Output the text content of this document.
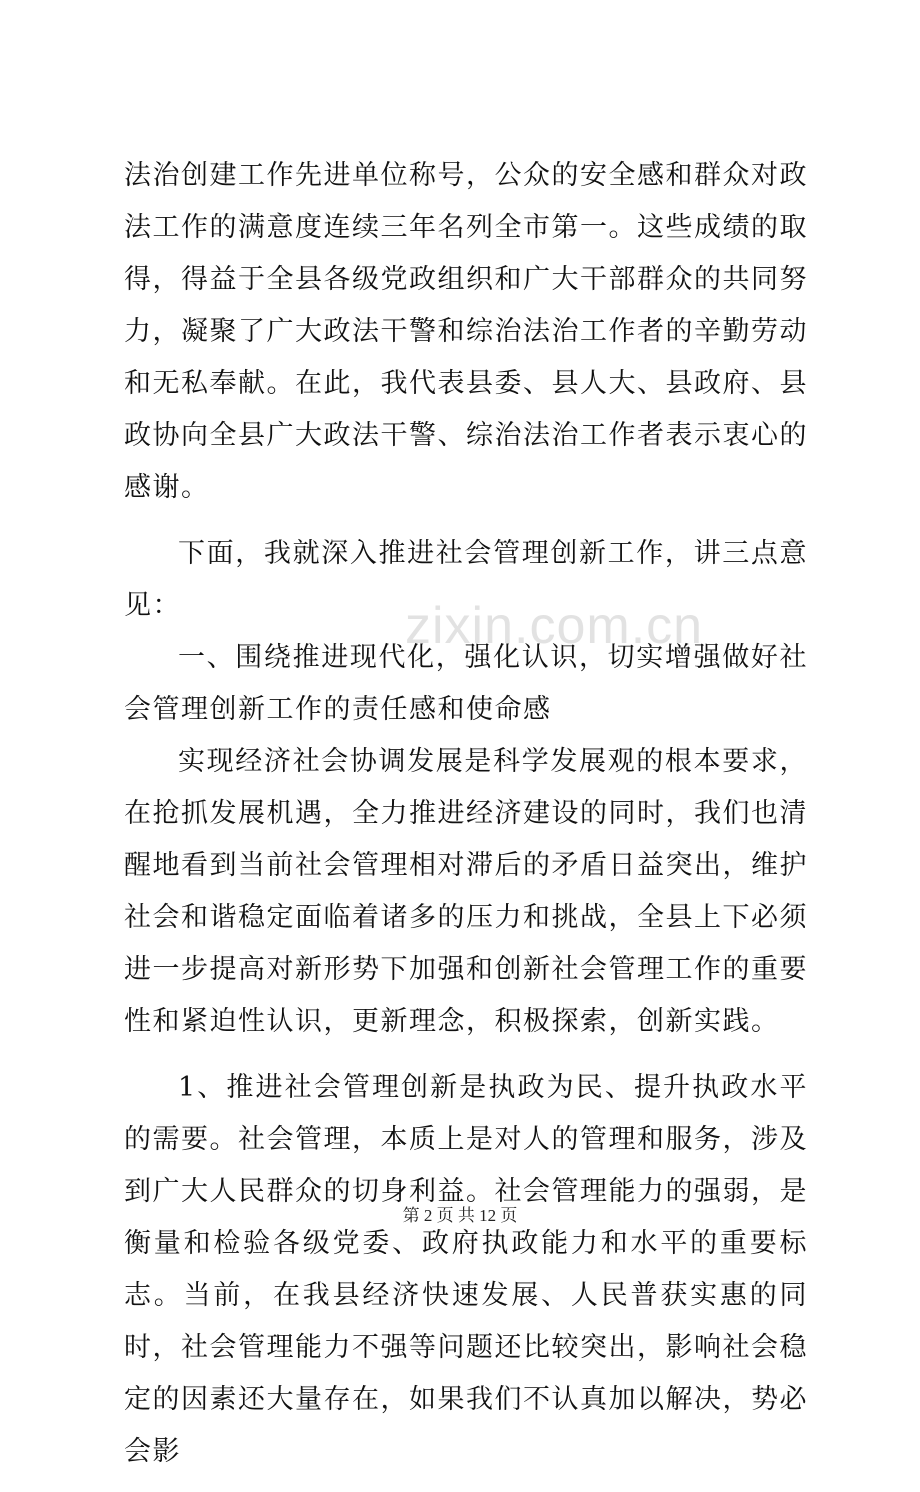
zixin.com.cn

法治创建工作先进单位称号，公众的安全感和群众对政法工作的满意度连续三年名列全市第一。这些成绩的取得，得益于全县各级党政组织和广大干部群众的共同努力，凝聚了广大政法干警和综治法治工作者的辛勤劳动和无私奉献。在此，我代表县委、县人大、县政府、县政协向全县广大政法干警、综治法治工作者表示衷心的感谢。

下面，我就深入推进社会管理创新工作，讲三点意见：

一、围绕推进现代化，强化认识，切实增强做好社会管理创新工作的责任感和使命感

实现经济社会协调发展是科学发展观的根本要求，在抢抓发展机遇，全力推进经济建设的同时，我们也清醒地看到当前社会管理相对滞后的矛盾日益突出，维护社会和谐稳定面临着诸多的压力和挑战，全县上下必须进一步提高对新形势下加强和创新社会管理工作的重要性和紧迫性认识，更新理念，积极探索，创新实践。

1、推进社会管理创新是执政为民、提升执政水平的需要。社会管理，本质上是对人的管理和服务，涉及到广大人民群众的切身利益。社会管理能力的强弱，是衡量和检验各级党委、政府执政能力和水平的重要标志。当前，在我县经济快速发展、人民普获实惠的同时，社会管理能力不强等问题还比较突出，影响社会稳定的因素还大量存在，如果我们不认真加以解决，势必会影

第 2 页 共 12 页
